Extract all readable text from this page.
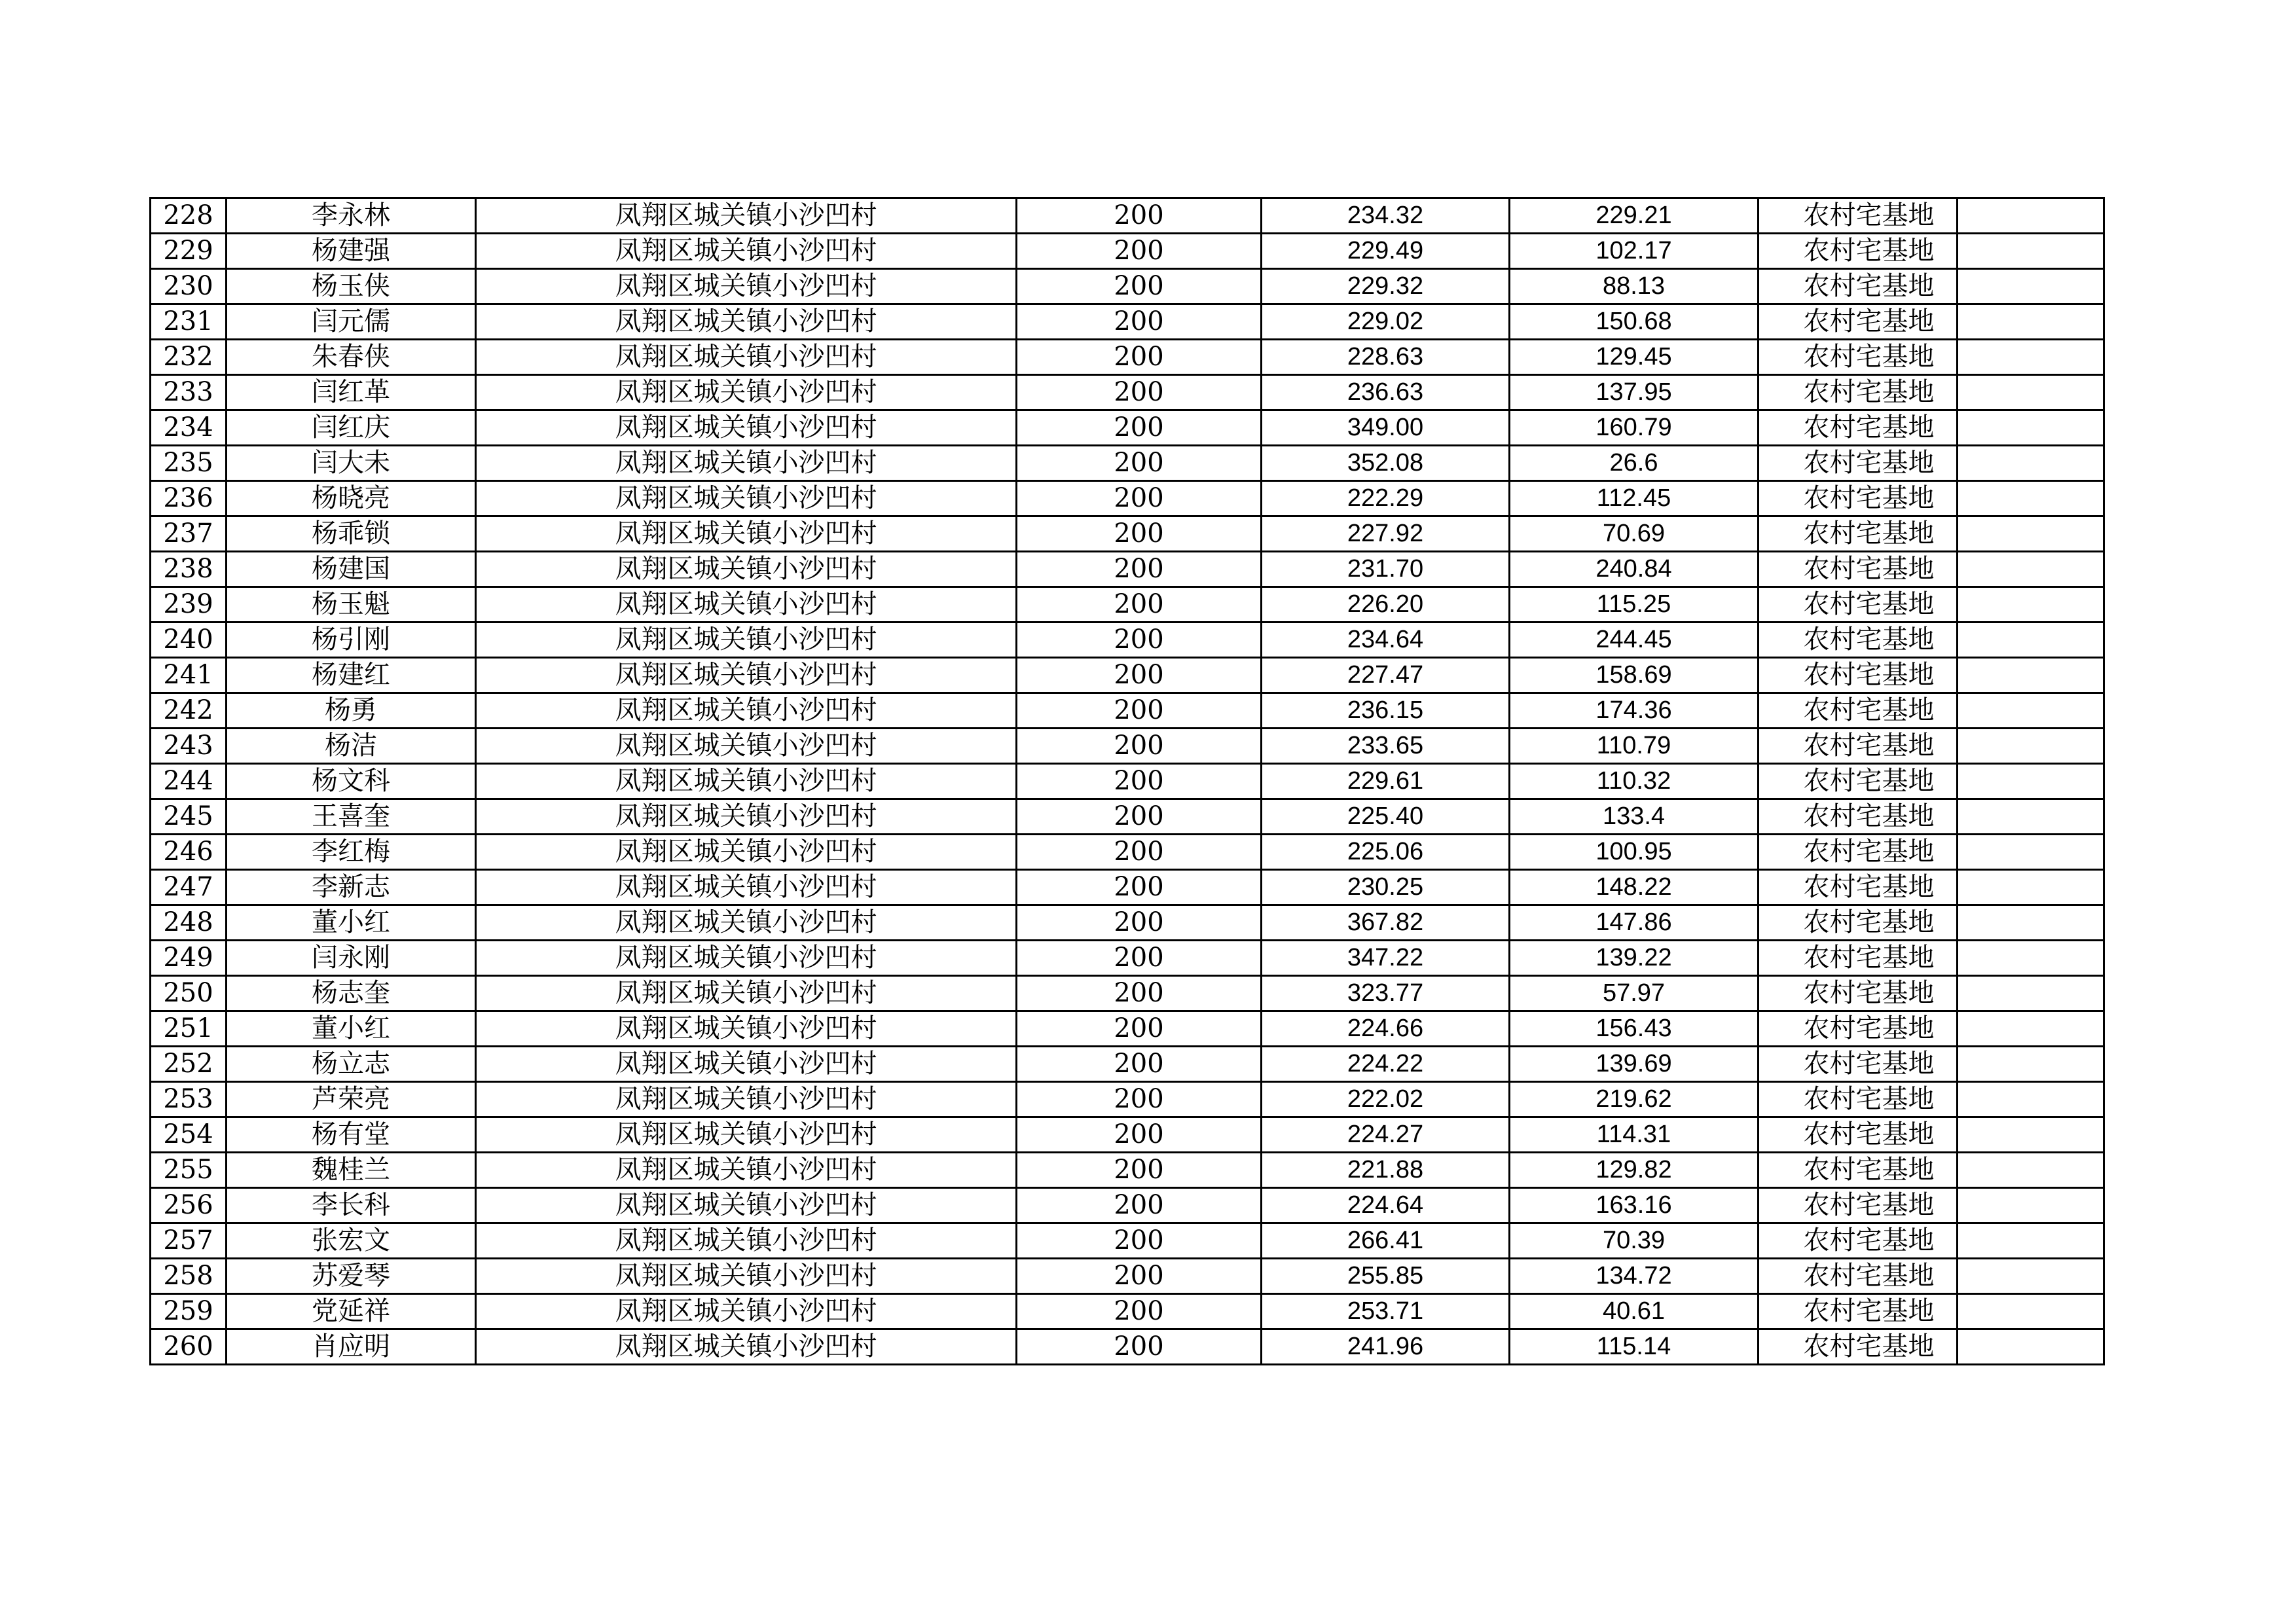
228	李永林	凤翔区城关镇小沙凹村	200	234.32	229.21	农村宅基地	
229	杨建强	凤翔区城关镇小沙凹村	200	229.49	102.17	农村宅基地	
230	杨玉侠	凤翔区城关镇小沙凹村	200	229.32	88.13	农村宅基地	
231	闫元儒	凤翔区城关镇小沙凹村	200	229.02	150.68	农村宅基地	
232	朱春侠	凤翔区城关镇小沙凹村	200	228.63	129.45	农村宅基地	
233	闫红革	凤翔区城关镇小沙凹村	200	236.63	137.95	农村宅基地	
234	闫红庆	凤翔区城关镇小沙凹村	200	349.00	160.79	农村宅基地	
235	闫大未	凤翔区城关镇小沙凹村	200	352.08	26.6	农村宅基地	
236	杨晓亮	凤翔区城关镇小沙凹村	200	222.29	112.45	农村宅基地	
237	杨乖锁	凤翔区城关镇小沙凹村	200	227.92	70.69	农村宅基地	
238	杨建国	凤翔区城关镇小沙凹村	200	231.70	240.84	农村宅基地	
239	杨玉魁	凤翔区城关镇小沙凹村	200	226.20	115.25	农村宅基地	
240	杨引刚	凤翔区城关镇小沙凹村	200	234.64	244.45	农村宅基地	
241	杨建红	凤翔区城关镇小沙凹村	200	227.47	158.69	农村宅基地	
242	杨勇	凤翔区城关镇小沙凹村	200	236.15	174.36	农村宅基地	
243	杨洁	凤翔区城关镇小沙凹村	200	233.65	110.79	农村宅基地	
244	杨文科	凤翔区城关镇小沙凹村	200	229.61	110.32	农村宅基地	
245	王喜奎	凤翔区城关镇小沙凹村	200	225.40	133.4	农村宅基地	
246	李红梅	凤翔区城关镇小沙凹村	200	225.06	100.95	农村宅基地	
247	李新志	凤翔区城关镇小沙凹村	200	230.25	148.22	农村宅基地	
248	董小红	凤翔区城关镇小沙凹村	200	367.82	147.86	农村宅基地	
249	闫永刚	凤翔区城关镇小沙凹村	200	347.22	139.22	农村宅基地	
250	杨志奎	凤翔区城关镇小沙凹村	200	323.77	57.97	农村宅基地	
251	董小红	凤翔区城关镇小沙凹村	200	224.66	156.43	农村宅基地	
252	杨立志	凤翔区城关镇小沙凹村	200	224.22	139.69	农村宅基地	
253	芦荣亮	凤翔区城关镇小沙凹村	200	222.02	219.62	农村宅基地	
254	杨有堂	凤翔区城关镇小沙凹村	200	224.27	114.31	农村宅基地	
255	魏桂兰	凤翔区城关镇小沙凹村	200	221.88	129.82	农村宅基地	
256	李长科	凤翔区城关镇小沙凹村	200	224.64	163.16	农村宅基地	
257	张宏文	凤翔区城关镇小沙凹村	200	266.41	70.39	农村宅基地	
258	苏爱琴	凤翔区城关镇小沙凹村	200	255.85	134.72	农村宅基地	
259	党延祥	凤翔区城关镇小沙凹村	200	253.71	40.61	农村宅基地	
260	肖应明	凤翔区城关镇小沙凹村	200	241.96	115.14	农村宅基地	
